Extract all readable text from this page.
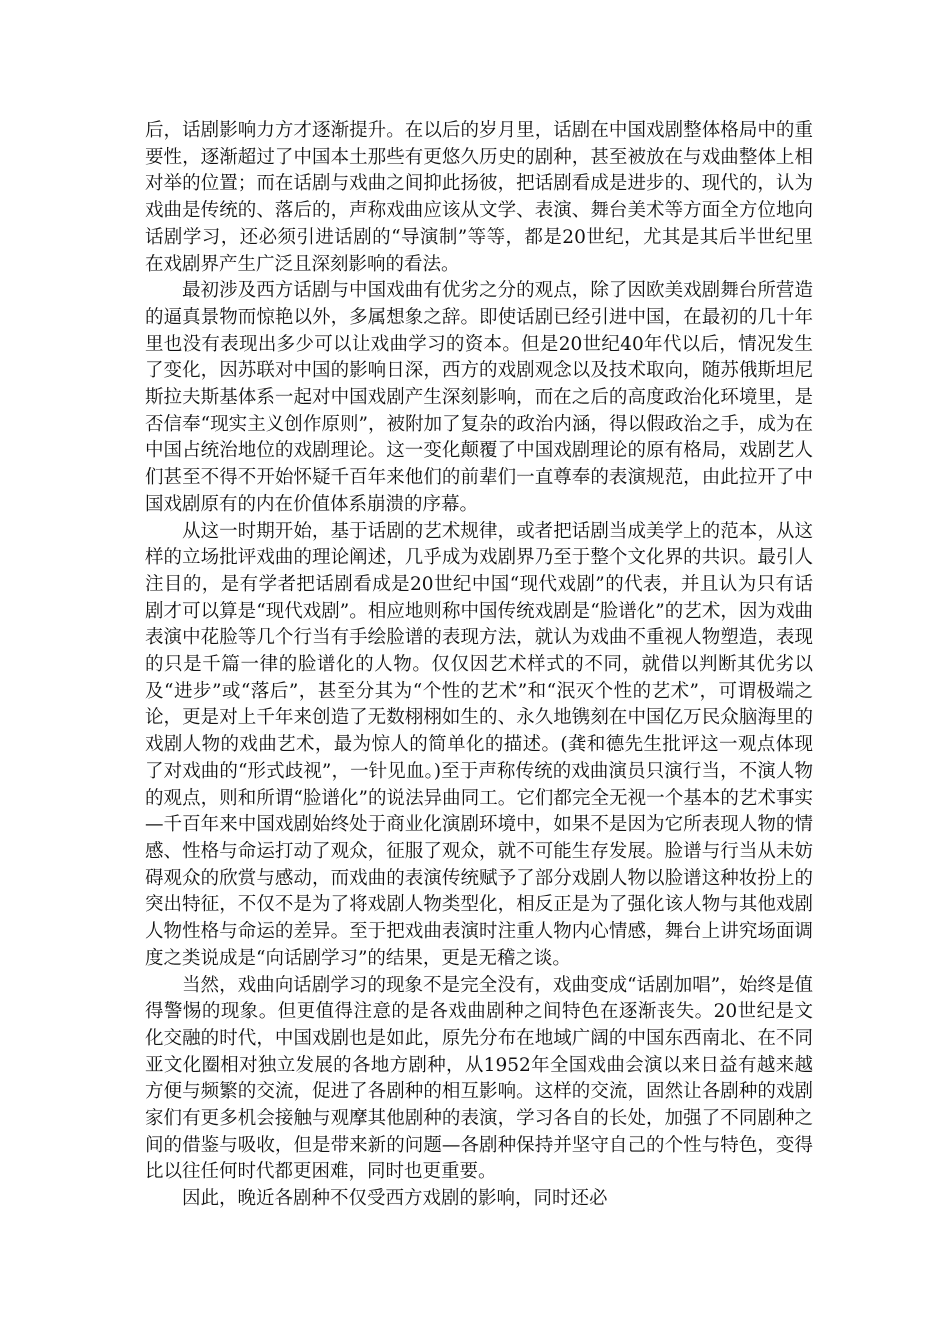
后，话剧影响力方才逐渐提升。在以后的岁月里，话剧在中国戏剧整体格局中的重要性，逐渐超过了中国本土那些有更悠久历史的剧种，甚至被放在与戏曲整体上相对举的位置；而在话剧与戏曲之间抑此扬彼，把话剧看成是进步的、现代的，认为戏曲是传统的、落后的，声称戏曲应该从文学、表演、舞台美术等方面全方位地向话剧学习，还必须引进话剧的“导演制”等等，都是20世纪，尤其是其后半世纪里在戏剧界产生广泛且深刻影响的看法。

最初涉及西方话剧与中国戏曲有优劣之分的观点，除了因欧美戏剧舞台所营造的逼真景物而惊艳以外，多属想象之辞。即使话剧已经引进中国，在最初的几十年里也没有表现出多少可以让戏曲学习的资本。但是20世纪40年代以后，情况发生了变化，因苏联对中国的影响日深，西方的戏剧观念以及技术取向，随苏俄斯坦尼斯拉夫斯基体系一起对中国戏剧产生深刻影响，而在之后的高度政治化环境里，是否信奉“现实主义创作原则”，被附加了复杂的政治内涵，得以假政治之手，成为在中国占统治地位的戏剧理论。这一变化颠覆了中国戏剧理论的原有格局，戏剧艺人们甚至不得不开始怀疑千百年来他们的前辈们一直尊奉的表演规范，由此拉开了中国戏剧原有的内在价值体系崩溃的序幕。

从这一时期开始，基于话剧的艺术规律，或者把话剧当成美学上的范本，从这样的立场批评戏曲的理论阐述，几乎成为戏剧界乃至于整个文化界的共识。最引人注目的，是有学者把话剧看成是20世纪中国“现代戏剧”的代表，并且认为只有话剧才可以算是“现代戏剧”。相应地则称中国传统戏剧是“脸谱化”的艺术，因为戏曲表演中花脸等几个行当有手绘脸谱的表现方法，就认为戏曲不重视人物塑造，表现的只是千篇一律的脸谱化的人物。仅仅因艺术样式的不同，就借以判断其优劣以及“进步”或“落后”，甚至分其为“个性的艺术”和“泯灭个性的艺术”，可谓极端之论，更是对上千年来创造了无数栩栩如生的、永久地镌刻在中国亿万民众脑海里的戏剧人物的戏曲艺术，最为惊人的简单化的描述。(龚和德先生批评这一观点体现了对戏曲的“形式歧视”，一针见血。)至于声称传统的戏曲演员只演行当，不演人物的观点，则和所谓“脸谱化”的说法异曲同工。它们都完全无视一个基本的艺术事实—千百年来中国戏剧始终处于商业化演剧环境中，如果不是因为它所表现人物的情感、性格与命运打动了观众，征服了观众，就不可能生存发展。脸谱与行当从未妨碍观众的欣赏与感动，而戏曲的表演传统赋予了部分戏剧人物以脸谱这种妆扮上的突出特征，不仅不是为了将戏剧人物类型化，相反正是为了强化该人物与其他戏剧人物性格与命运的差异。至于把戏曲表演时注重人物内心情感，舞台上讲究场面调度之类说成是“向话剧学习”的结果，更是无稽之谈。

当然，戏曲向话剧学习的现象不是完全没有，戏曲变成“话剧加唱”，始终是值得警惕的现象。但更值得注意的是各戏曲剧种之间特色在逐渐丧失。20世纪是文化交融的时代，中国戏剧也是如此，原先分布在地域广阔的中国东西南北、在不同亚文化圈相对独立发展的各地方剧种，从1952年全国戏曲会演以来日益有越来越方便与频繁的交流，促进了各剧种的相互影响。这样的交流，固然让各剧种的戏剧家们有更多机会接触与观摩其他剧种的表演，学习各自的长处，加强了不同剧种之间的借鉴与吸收，但是带来新的问题—各剧种保持并坚守自己的个性与特色，变得比以往任何时代都更困难，同时也更重要。

因此，晚近各剧种不仅受西方戏剧的影响，同时还必
